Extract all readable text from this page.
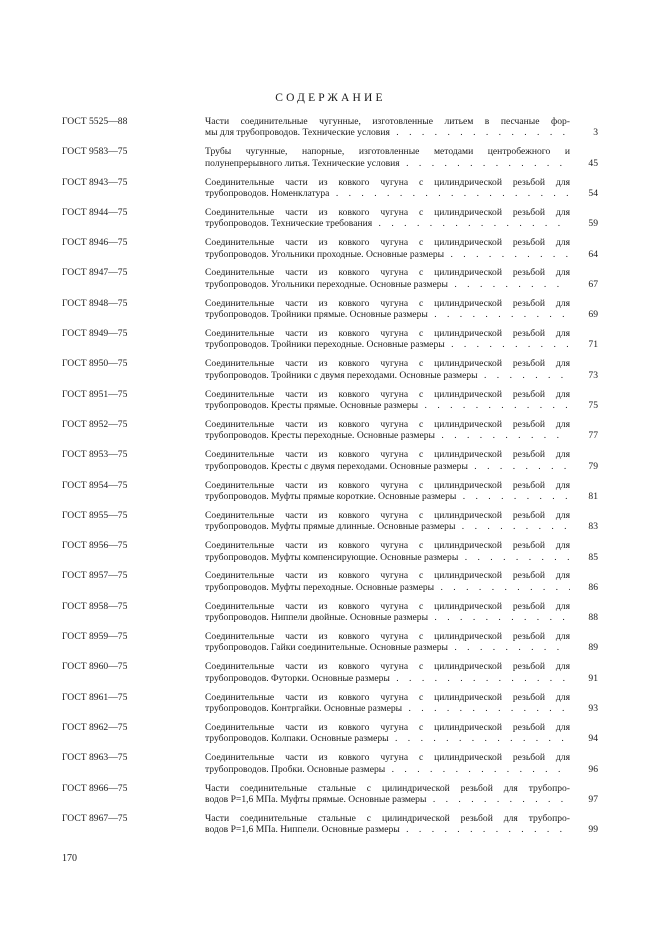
СОДЕРЖАНИЕ
ГОСТ 5525—88	Части соединительные чугунные, изготовленные литьем в песчаные фор-
мы для трубопроводов. Технические условия . . .	3
ГОСТ 9583—75	Трубы чугунные, напорные, изготовленные методами центробежного и
полунепрерывного литья. Технические условия . . .	45
ГОСТ 8943—75	Соединительные части из ковкого чугуна с цилиндрической резьбой для
трубопроводов. Номенклатура . . .	54
ГОСТ 8944—75	Соединительные части из ковкого чугуна с цилиндрической резьбой для
трубопроводов. Технические требования . . .	59
ГОСТ 8946—75	Соединительные части из ковкого чугуна с цилиндрической резьбой для
трубопроводов. Угольники проходные. Основные размеры . . .	64
ГОСТ 8947—75	Соединительные части из ковкого чугуна с цилиндрической резьбой для
трубопроводов. Угольники переходные. Основные размеры . . .	67
ГОСТ 8948—75	Соединительные части из ковкого чугуна с цилиндрической резьбой для
трубопроводов. Тройники прямые. Основные размеры . . .	69
ГОСТ 8949—75	Соединительные части из ковкого чугуна с цилиндрической резьбой для
трубопроводов. Тройники переходные. Основные размеры . . .	71
ГОСТ 8950—75	Соединительные части из ковкого чугуна с цилиндрической резьбой для
трубопроводов. Тройники с двумя переходами. Основные размеры . . .	73
ГОСТ 8951—75	Соединительные части из ковкого чугуна с цилиндрической резьбой для
трубопроводов. Кресты прямые. Основные размеры . . .	75
ГОСТ 8952—75	Соединительные части из ковкого чугуна с цилиндрической резьбой для
трубопроводов. Кресты переходные. Основные размеры . . .	77
ГОСТ 8953—75	Соединительные части из ковкого чугуна с цилиндрической резьбой для
трубопроводов. Кресты с двумя переходами. Основные размеры . . .	79
ГОСТ 8954—75	Соединительные части из ковкого чугуна с цилиндрической резьбой для
трубопроводов. Муфты прямые короткие. Основные размеры . . .	81
ГОСТ 8955—75	Соединительные части из ковкого чугуна с цилиндрической резьбой для
трубопроводов. Муфты прямые длинные. Основные размеры . . .	83
ГОСТ 8956—75	Соединительные части из ковкого чугуна с цилиндрической резьбой для
трубопроводов. Муфты компенсирующие. Основные размеры . . .	85
ГОСТ 8957—75	Соединительные части из ковкого чугуна с цилиндрической резьбой для
трубопроводов. Муфты переходные. Основные размеры . . .	86
ГОСТ 8958—75	Соединительные части из ковкого чугуна с цилиндрической резьбой для
трубопроводов. Ниппели двойные. Основные размеры . . .	88
ГОСТ 8959—75	Соединительные части из ковкого чугуна с цилиндрической резьбой для
трубопроводов. Гайки соединительные. Основные размеры . . .	89
ГОСТ 8960—75	Соединительные части из ковкого чугуна с цилиндрической резьбой для
трубопроводов. Футорки. Основные размеры . . .	91
ГОСТ 8961—75	Соединительные части из ковкого чугуна с цилиндрической резьбой для
трубопроводов. Контргайки. Основные размеры . . .	93
ГОСТ 8962—75	Соединительные части из ковкого чугуна с цилиндрической резьбой для
трубопроводов. Колпаки. Основные размеры . . .	94
ГОСТ 8963—75	Соединительные части из ковкого чугуна с цилиндрической резьбой для
трубопроводов. Пробки. Основные размеры . . .	96
ГОСТ 8966—75	Части соединительные стальные с цилиндрической резьбой для трубопро-
водов Р=1,6 МПа. Муфты прямые. Основные размеры . . .	97
ГОСТ 8967—75	Части соединительные стальные с цилиндрической резьбой для трубопро-
водов Р=1,6 МПа. Ниппели. Основные размеры . . .	99
170
